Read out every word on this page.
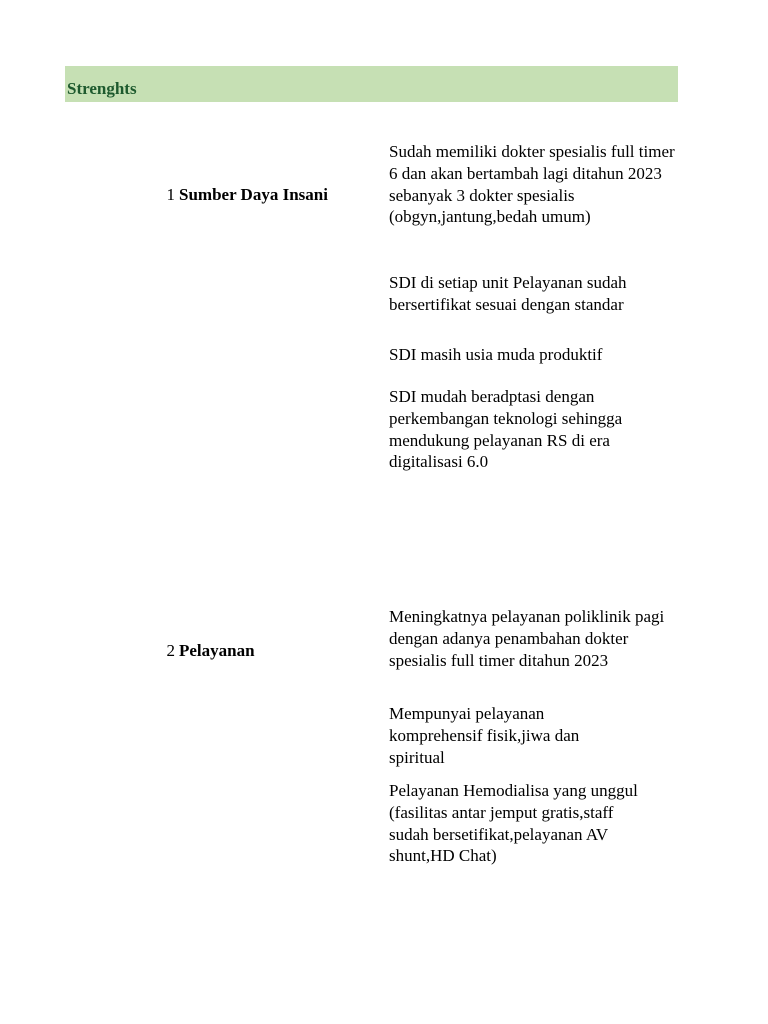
Strenghts
1 Sumber Daya Insani

Sudah memiliki dokter spesialis full timer 6 dan akan bertambah lagi ditahun 2023 sebanyak 3 dokter spesialis (obgyn,jantung,bedah umum)

SDI di setiap unit Pelayanan sudah bersertifikat sesuai dengan standar

SDI masih usia muda produktif

SDI mudah beradptasi dengan perkembangan teknologi sehingga mendukung pelayanan RS di era digitalisasi 6.0

2 Pelayanan

Meningkatnya pelayanan poliklinik pagi dengan adanya penambahan dokter spesialis full timer ditahun 2023

Mempunyai pelayanan komprehensif fisik,jiwa dan spiritual

Pelayanan Hemodialisa yang unggul (fasilitas antar jemput gratis,staff sudah bersetifikat,pelayanan AV shunt,HD Chat)
